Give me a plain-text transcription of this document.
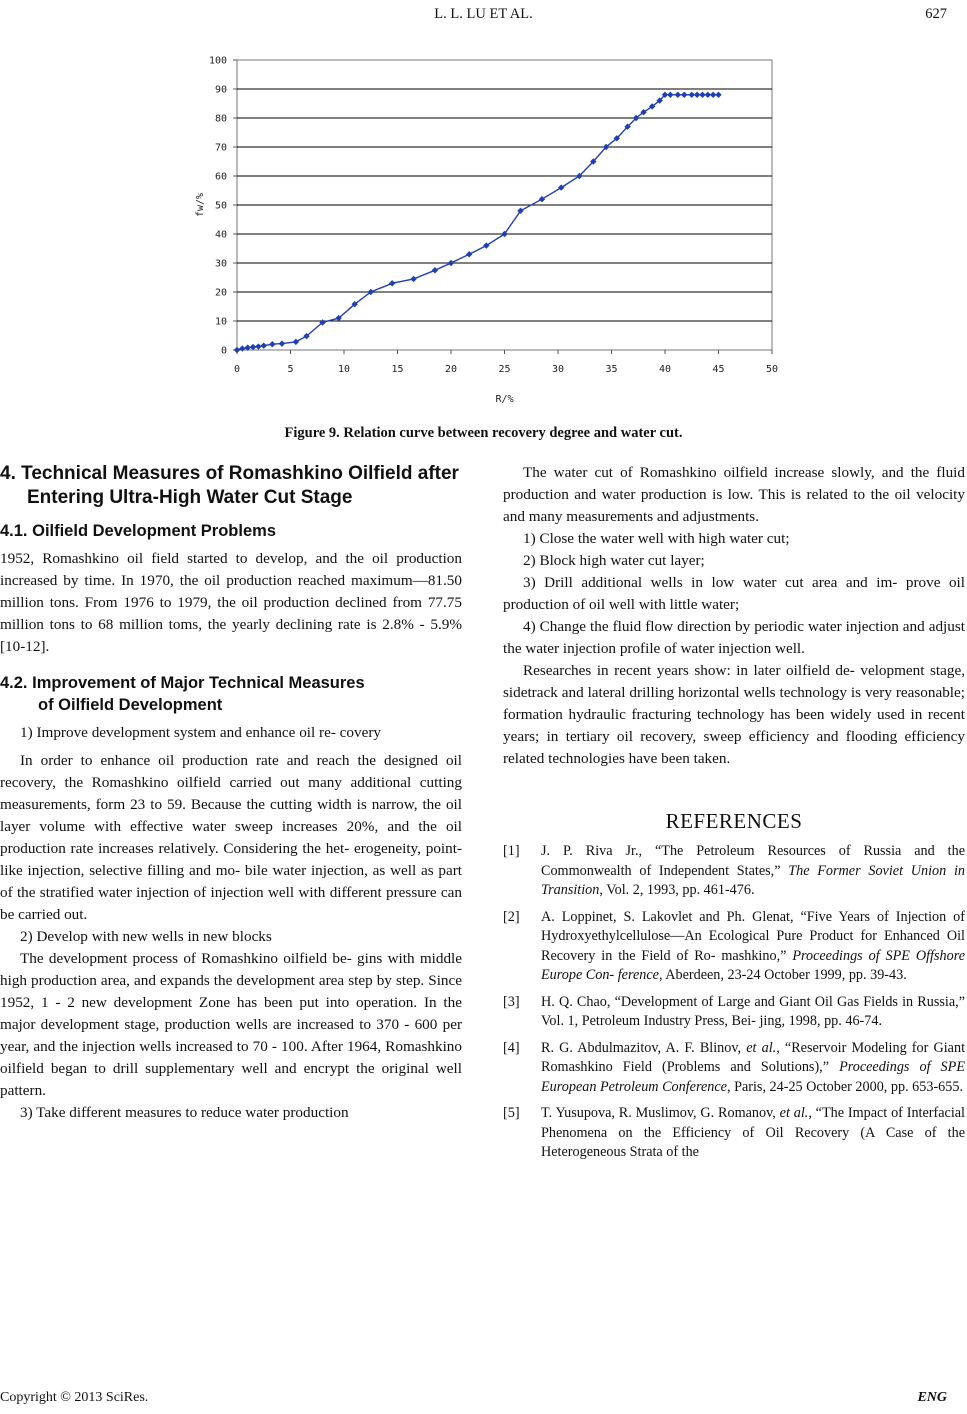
L. L. LU ET AL.	627
0
10
20
30
40
50
60
70
80
90
100
0	5	10	15	20	25	30	35	40	45	50
R/%
fw/%
Figure 9. Relation curve between recovery degree and water cut.
4. Technical Measures of Romashkino Oilfield after Entering Ultra-High Water Cut Stage
4.1. Oilfield Development Problems

1952, Romashkino oil field started to develop, and the oil production increased by time. In 1970, the oil production reached maximum—81.50 million tons. From 1976 to 1979, the oil production declined from 77.75 million tons to 68 million toms, the yearly declining rate is 2.8% - 5.9% [10-12].

4.2. Improvement of Major Technical Measures
of Oilfield Development

1) Improve development system and enhance oil re- covery

In order to enhance oil production rate and reach the designed oil recovery, the Romashkino oilfield carried out many additional cutting measurements, form 23 to 59. Because the cutting width is narrow, the oil layer volume with effective water sweep increases 20%, and the oil production rate increases relatively. Considering the het- erogeneity, point-like injection, selective filling and mo- bile water injection, as well as part of the stratified water injection of injection well with different pressure can be carried out.

2) Develop with new wells in new blocks

The development process of Romashkino oilfield be- gins with middle high production area, and expands the development area step by step. Since 1952, 1 - 2 new development Zone has been put into operation. In the major development stage, production wells are increased to 370 - 600 per year, and the injection wells increased to 70 - 100. After 1964, Romashkino oilfield began to drill supplementary well and encrypt the original well pattern.

3) Take different measures to reduce water production

The water cut of Romashkino oilfield increase slowly, and the fluid production and water production is low. This is related to the oil velocity and many measurements and adjustments.

1) Close the water well with high water cut;

2) Block high water cut layer;

3) Drill additional wells in low water cut area and im- prove oil production of oil well with little water;

4) Change the fluid flow direction by periodic water injection and adjust the water injection profile of water injection well.

Researches in recent years show: in later oilfield de- velopment stage, sidetrack and lateral drilling horizontal wells technology is very reasonable; formation hydraulic fracturing technology has been widely used in recent years; in tertiary oil recovery, sweep efficiency and flooding efficiency related technologies have been taken.

REFERENCES
[1] J. P. Riva Jr., “The Petroleum Resources of Russia and the Commonwealth of Independent States,” The Former Soviet Union in Transition, Vol. 2, 1993, pp. 461-476.
[2] A. Loppinet, S. Lakovlet and Ph. Glenat, “Five Years of Injection of Hydroxyethylcellulose—An Ecological Pure Product for Enhanced Oil Recovery in the Field of Ro- mashkino,” Proceedings of SPE Offshore Europe Con- ference, Aberdeen, 23-24 October 1999, pp. 39-43.
[3] H. Q. Chao, “Development of Large and Giant Oil Gas Fields in Russia,” Vol. 1, Petroleum Industry Press, Bei- jing, 1998, pp. 46-74.
[4] R. G. Abdulmazitov, A. F. Blinov, et al., “Reservoir Modeling for Giant Romashkino Field (Problems and Solutions),” Proceedings of SPE European Petroleum Conference, Paris, 24-25 October 2000, pp. 653-655.
[5] T. Yusupova, R. Muslimov, G. Romanov, et al., “The Impact of Interfacial Phenomena on the Efficiency of Oil Recovery (A Case of the Heterogeneous Strata of the
Copyright © 2013 SciRes.	ENG
